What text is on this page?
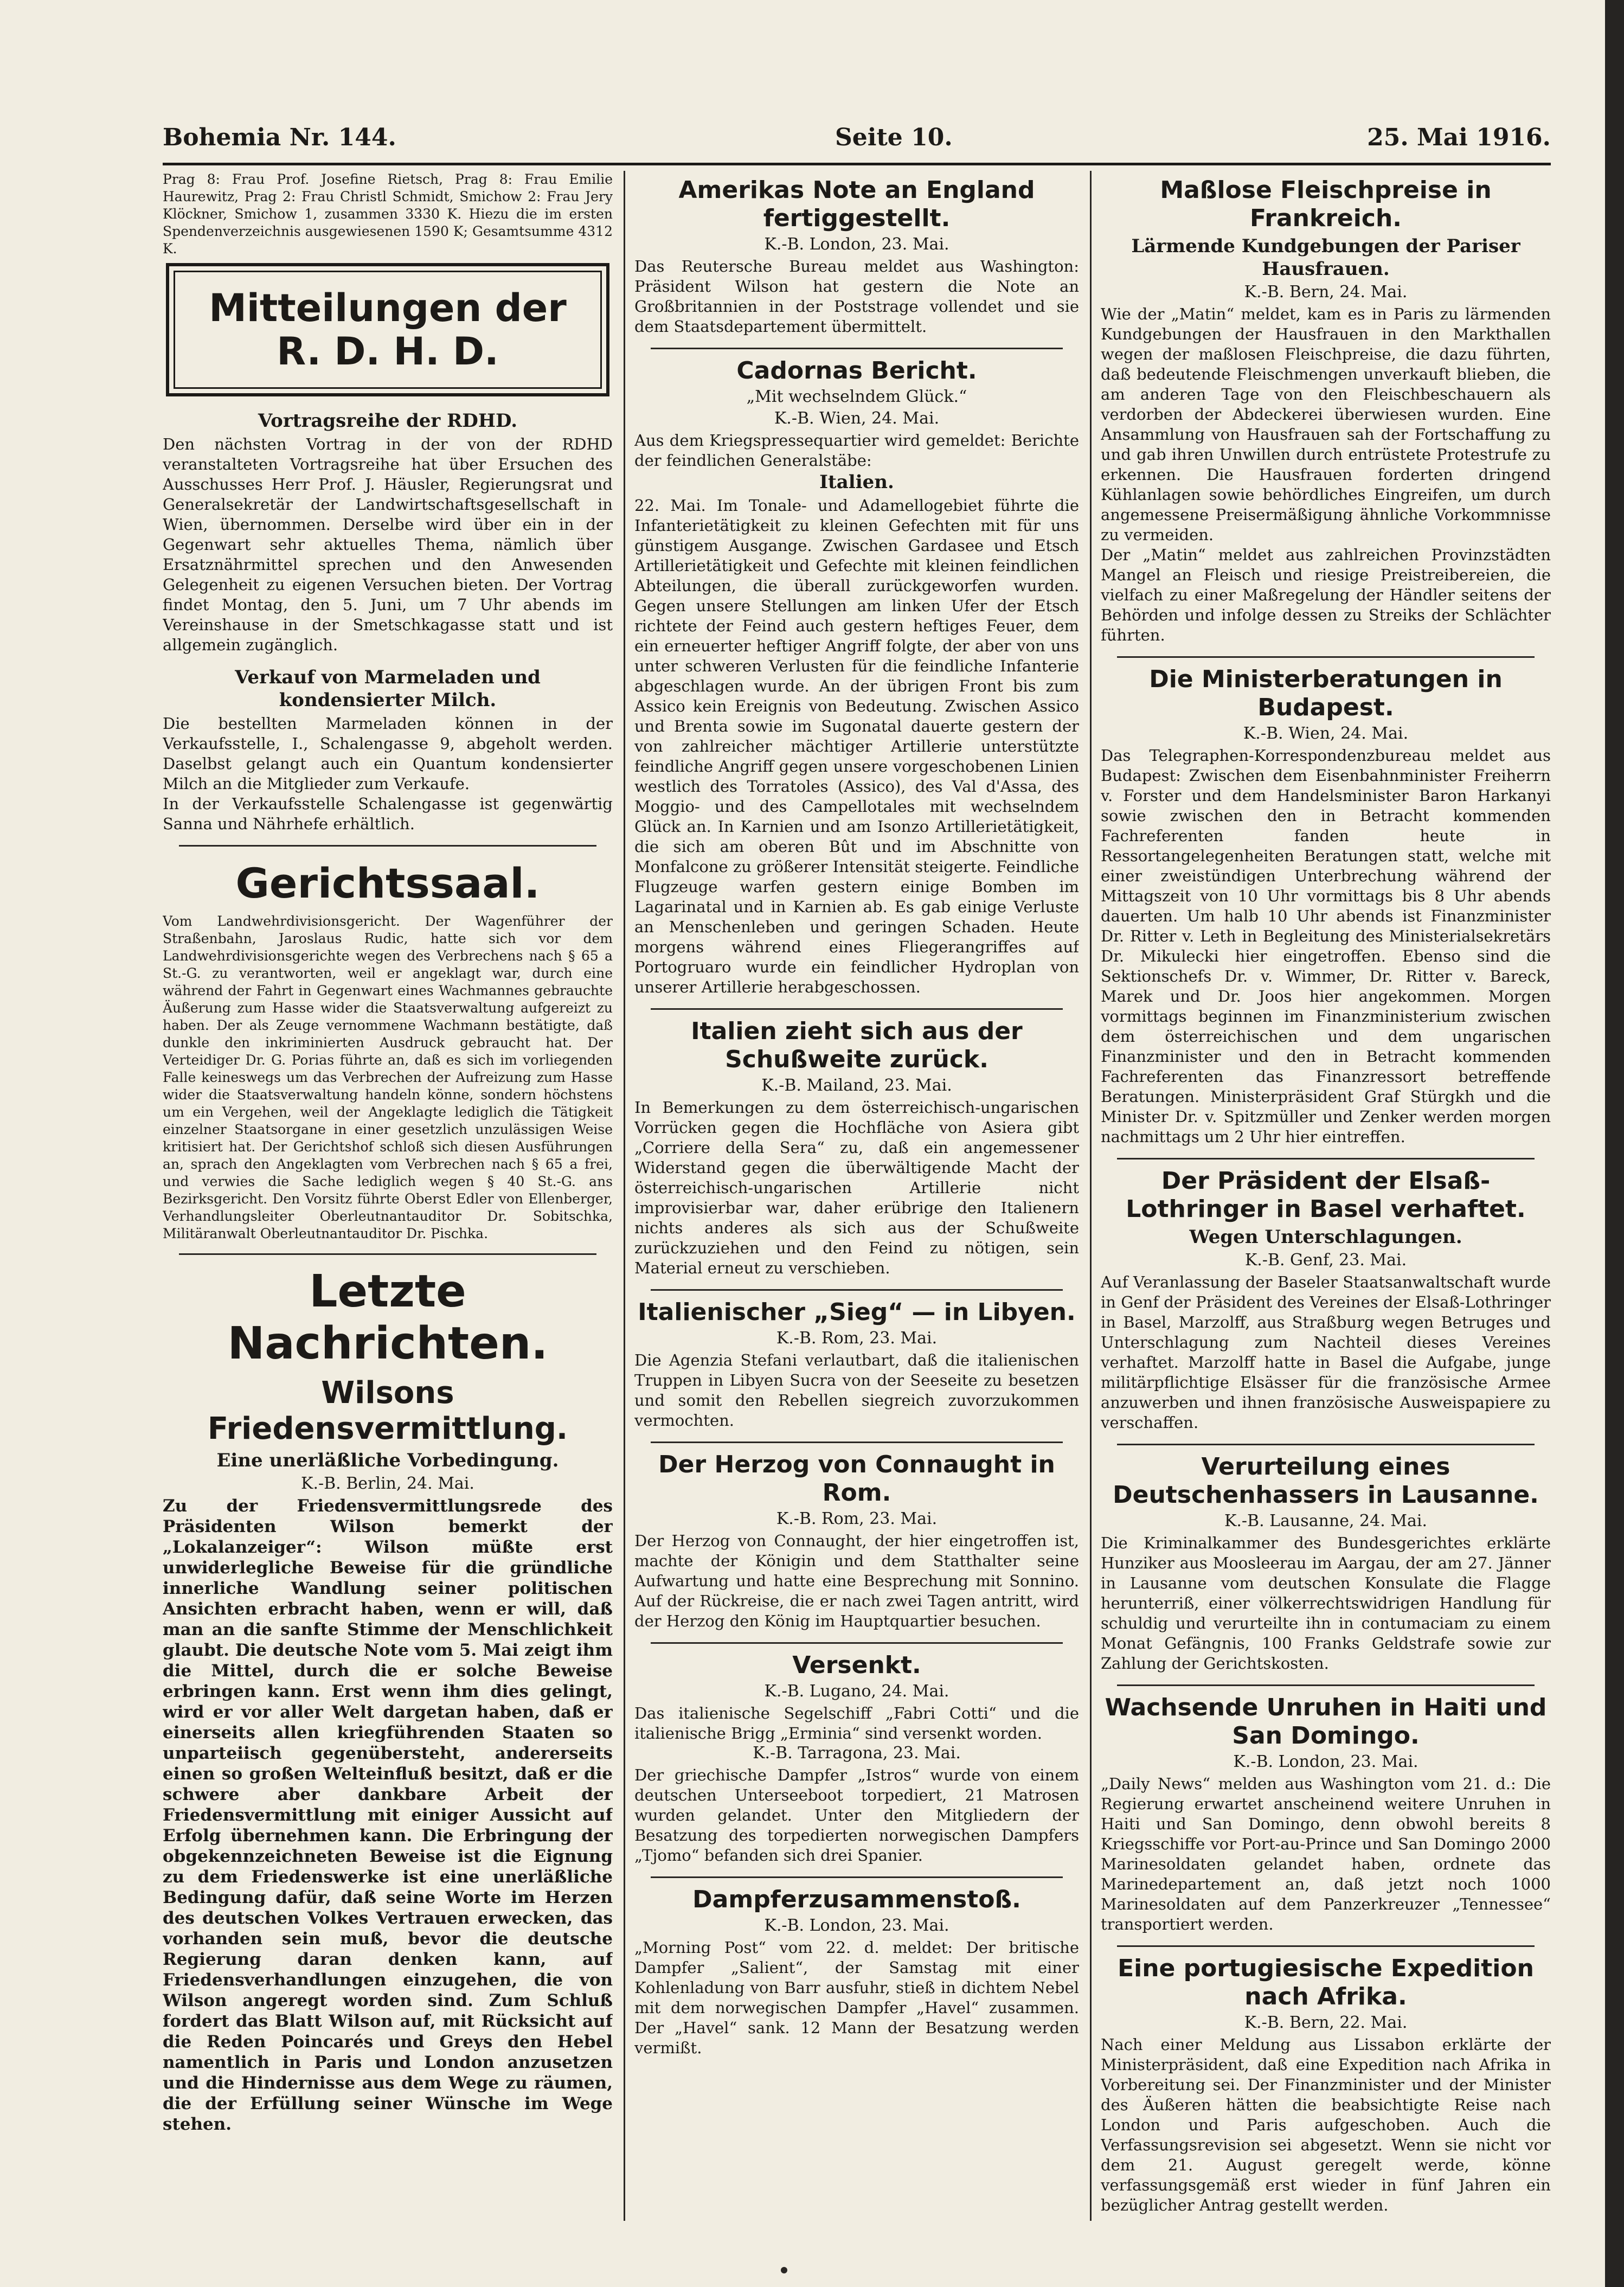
Bohemia Nr. 144.	Seite 10.	25. Mai 1916.

Prag 8: Frau Prof. Josefine Rietsch, Prag 8: Frau Emilie Haurewitz, Prag 2: Frau Christl Schmidt, Smichow 2: Frau Jery Klöckner, Smichow 1, zusammen 3330 K. Hiezu die im ersten Spendenverzeichnis ausgewiesenen 1590 K; Gesamtsumme 4312 K.

Mitteilungen der R. D. H. D.
Vortragsreihe der RDHD.

Den nächsten Vortrag in der von der RDHD veranstalteten Vortragsreihe hat über Ersuchen des Ausschusses Herr Prof. J. Häusler, Regierungsrat und Generalsekretär der Landwirtschaftsgesellschaft in Wien, übernommen. Derselbe wird über ein in der Gegenwart sehr aktuelles Thema, nämlich über Ersatznährmittel sprechen und den Anwesenden Gelegenheit zu eigenen Versuchen bieten. Der Vortrag findet Montag, den 5. Juni, um 7 Uhr abends im Vereinshause in der Smetschkagasse statt und ist allgemein zugänglich.

Verkauf von Marmeladen und kondensierter Milch.

Die bestellten Marmeladen können in der Verkaufsstelle, I., Schalengasse 9, abgeholt werden. Daselbst gelangt auch ein Quantum kondensierter Milch an die Mitglieder zum Verkaufe.

In der Verkaufsstelle Schalengasse ist gegenwärtig Sanna und Nährhefe erhältlich.

Gerichtssaal.

Vom Landwehrdivisionsgericht. Der Wagenführer der Straßenbahn, Jaroslaus Rudic, hatte sich vor dem Landwehrdivisionsgerichte wegen des Verbrechens nach § 65 a St.-G. zu verantworten, weil er angeklagt war, durch eine während der Fahrt in Gegenwart eines Wachmannes gebrauchte Äußerung zum Hasse wider die Staatsverwaltung aufgereizt zu haben. Der als Zeuge vernommene Wachmann bestätigte, daß dunkle den inkriminierten Ausdruck gebraucht hat. Der Verteidiger Dr. G. Porias führte an, daß es sich im vorliegenden Falle keineswegs um das Verbrechen der Aufreizung zum Hasse wider die Staatsverwaltung handeln könne, sondern höchstens um ein Vergehen, weil der Angeklagte lediglich die Tätigkeit einzelner Staatsorgane in einer gesetzlich unzulässigen Weise kritisiert hat. Der Gerichtshof schloß sich diesen Ausführungen an, sprach den Angeklagten vom Verbrechen nach § 65 a frei, und verwies die Sache lediglich wegen § 40 St.-G. ans Bezirksgericht. Den Vorsitz führte Oberst Edler von Ellenberger, Verhandlungsleiter Oberleutnantauditor Dr. Sobitschka, Militäranwalt Oberleutnantauditor Dr. Pischka.

Letzte Nachrichten.
Wilsons Friedensvermittlung.
Eine unerläßliche Vorbedingung.
K.-B. Berlin, 24. Mai.

Zu der Friedensvermittlungsrede des Präsidenten Wilson bemerkt der „Lokalanzeiger“: Wilson müßte erst unwiderlegliche Beweise für die gründliche innerliche Wandlung seiner politischen Ansichten erbracht haben, wenn er will, daß man an die sanfte Stimme der Menschlichkeit glaubt. Die deutsche Note vom 5. Mai zeigt ihm die Mittel, durch die er solche Beweise erbringen kann. Erst wenn ihm dies gelingt, wird er vor aller Welt dargetan haben, daß er einerseits allen kriegführenden Staaten so unparteiisch gegenübersteht, andererseits einen so großen Welteinfluß besitzt, daß er die schwere aber dankbare Arbeit der Friedensvermittlung mit einiger Aussicht auf Erfolg übernehmen kann. Die Erbringung der obgekennzeichneten Beweise ist die Eignung zu dem Friedenswerke ist eine unerläßliche Bedingung dafür, daß seine Worte im Herzen des deutschen Volkes Vertrauen erwecken, das vorhanden sein muß, bevor die deutsche Regierung daran denken kann, auf Friedensverhandlungen einzugehen, die von Wilson angeregt worden sind. Zum Schluß fordert das Blatt Wilson auf, mit Rücksicht auf die Reden Poincarés und Greys den Hebel namentlich in Paris und London anzusetzen und die Hindernisse aus dem Wege zu räumen, die der Erfüllung seiner Wünsche im Wege stehen.

Amerikas Note an England fertiggestellt.
K.-B. London, 23. Mai.

Das Reutersche Bureau meldet aus Washington: Präsident Wilson hat gestern die Note an Großbritannien in der Poststrage vollendet und sie dem Staatsdepartement übermittelt.

Cadornas Bericht.
„Mit wechselndem Glück.“
K.-B. Wien, 24. Mai.

Aus dem Kriegspressequartier wird gemeldet: Berichte der feindlichen Generalstäbe:

Italien.

22. Mai. Im Tonale- und Adamellogebiet führte die Infanterietätigkeit zu kleinen Gefechten mit für uns günstigem Ausgange. Zwischen Gardasee und Etsch Artillerietätigkeit und Gefechte mit kleinen feindlichen Abteilungen, die überall zurückgeworfen wurden. Gegen unsere Stellungen am linken Ufer der Etsch richtete der Feind auch gestern heftiges Feuer, dem ein erneuerter heftiger Angriff folgte, der aber von uns unter schweren Verlusten für die feindliche Infanterie abgeschlagen wurde. An der übrigen Front bis zum Assico kein Ereignis von Bedeutung. Zwischen Assico und Brenta sowie im Sugonatal dauerte gestern der von zahlreicher mächtiger Artillerie unterstützte feindliche Angriff gegen unsere vorgeschobenen Linien westlich des Torratoles (Assico), des Val d'Assa, des Moggio- und des Campellotales mit wechselndem Glück an. In Karnien und am Isonzo Artillerietätigkeit, die sich am oberen Bût und im Abschnitte von Monfalcone zu größerer Intensität steigerte. Feindliche Flugzeuge warfen gestern einige Bomben im Lagarinatal und in Karnien ab. Es gab einige Verluste an Menschenleben und geringen Schaden. Heute morgens während eines Fliegerangriffes auf Portogruaro wurde ein feindlicher Hydroplan von unserer Artillerie herabgeschossen.

Italien zieht sich aus der Schußweite zurück.
K.-B. Mailand, 23. Mai.

In Bemerkungen zu dem österreichisch-ungarischen Vorrücken gegen die Hochfläche von Asiera gibt „Corriere della Sera“ zu, daß ein angemessener Widerstand gegen die überwältigende Macht der österreichisch-ungarischen Artillerie nicht improvisierbar war, daher erübrige den Italienern nichts anderes als sich aus der Schußweite zurückzuziehen und den Feind zu nötigen, sein Material erneut zu verschieben.

Italienischer „Sieg“ — in Libyen.
K.-B. Rom, 23. Mai.

Die Agenzia Stefani verlautbart, daß die italienischen Truppen in Libyen Sucra von der Seeseite zu besetzen und somit den Rebellen siegreich zuvorzukommen vermochten.

Der Herzog von Connaught in Rom.
K.-B. Rom, 23. Mai.

Der Herzog von Connaught, der hier eingetroffen ist, machte der Königin und dem Statthalter seine Aufwartung und hatte eine Besprechung mit Sonnino. Auf der Rückreise, die er nach zwei Tagen antritt, wird der Herzog den König im Hauptquartier besuchen.

Versenkt.
K.-B. Lugano, 24. Mai.

Das italienische Segelschiff „Fabri Cotti“ und die italienische Brigg „Erminia“ sind versenkt worden.

K.-B. Tarragona, 23. Mai.

Der griechische Dampfer „Istros“ wurde von einem deutschen Unterseeboot torpediert, 21 Matrosen wurden gelandet. Unter den Mitgliedern der Besatzung des torpedierten norwegischen Dampfers „Tjomo“ befanden sich drei Spanier.

Dampferzusammenstoß.
K.-B. London, 23. Mai.

„Morning Post“ vom 22. d. meldet: Der britische Dampfer „Salient“, der Samstag mit einer Kohlenladung von Barr ausfuhr, stieß in dichtem Nebel mit dem norwegischen Dampfer „Havel“ zusammen. Der „Havel“ sank. 12 Mann der Besatzung werden vermißt.

Maßlose Fleischpreise in Frankreich.
Lärmende Kundgebungen der Pariser Hausfrauen.
K.-B. Bern, 24. Mai.

Wie der „Matin“ meldet, kam es in Paris zu lärmenden Kundgebungen der Hausfrauen in den Markthallen wegen der maßlosen Fleischpreise, die dazu führten, daß bedeutende Fleischmengen unverkauft blieben, die am anderen Tage von den Fleischbeschauern als verdorben der Abdeckerei überwiesen wurden. Eine Ansammlung von Hausfrauen sah der Fortschaffung zu und gab ihren Unwillen durch entrüstete Protestrufe zu erkennen. Die Hausfrauen forderten dringend Kühlanlagen sowie behördliches Eingreifen, um durch angemessene Preisermäßigung ähnliche Vorkommnisse zu vermeiden.

Der „Matin“ meldet aus zahlreichen Provinzstädten Mangel an Fleisch und riesige Preistreibereien, die vielfach zu einer Maßregelung der Händler seitens der Behörden und infolge dessen zu Streiks der Schlächter führten.

Die Ministerberatungen in Budapest.
K.-B. Wien, 24. Mai.

Das Telegraphen-Korrespondenzbureau meldet aus Budapest: Zwischen dem Eisenbahnminister Freiherrn v. Forster und dem Handelsminister Baron Harkanyi sowie zwischen den in Betracht kommenden Fachreferenten fanden heute in Ressortangelegenheiten Beratungen statt, welche mit einer zweistündigen Unterbrechung während der Mittagszeit von 10 Uhr vormittags bis 8 Uhr abends dauerten. Um halb 10 Uhr abends ist Finanzminister Dr. Ritter v. Leth in Begleitung des Ministerialsekretärs Dr. Mikulecki hier eingetroffen. Ebenso sind die Sektionschefs Dr. v. Wimmer, Dr. Ritter v. Bareck, Marek und Dr. Joos hier angekommen. Morgen vormittags beginnen im Finanzministerium zwischen dem österreichischen und dem ungarischen Finanzminister und den in Betracht kommenden Fachreferenten das Finanzressort betreffende Beratungen. Ministerpräsident Graf Stürgkh und die Minister Dr. v. Spitzmüller und Zenker werden morgen nachmittags um 2 Uhr hier eintreffen.

Der Präsident der Elsaß-Lothringer in Basel verhaftet.
Wegen Unterschlagungen.
K.-B. Genf, 23. Mai.

Auf Veranlassung der Baseler Staatsanwaltschaft wurde in Genf der Präsident des Vereines der Elsaß-Lothringer in Basel, Marzolff, aus Straßburg wegen Betruges und Unterschlagung zum Nachteil dieses Vereines verhaftet. Marzolff hatte in Basel die Aufgabe, junge militärpflichtige Elsässer für die französische Armee anzuwerben und ihnen französische Ausweispapiere zu verschaffen.

Verurteilung eines Deutschenhassers in Lausanne.
K.-B. Lausanne, 24. Mai.

Die Kriminalkammer des Bundesgerichtes erklärte Hunziker aus Moosleerau im Aargau, der am 27. Jänner in Lausanne vom deutschen Konsulate die Flagge herunterriß, einer völkerrechtswidrigen Handlung für schuldig und verurteilte ihn in contumaciam zu einem Monat Gefängnis, 100 Franks Geldstrafe sowie zur Zahlung der Gerichtskosten.

Wachsende Unruhen in Haiti und San Domingo.
K.-B. London, 23. Mai.

„Daily News“ melden aus Washington vom 21. d.: Die Regierung erwartet anscheinend weitere Unruhen in Haiti und San Domingo, denn obwohl bereits 8 Kriegsschiffe vor Port-au-Prince und San Domingo 2000 Marinesoldaten gelandet haben, ordnete das Marinedepartement an, daß jetzt noch 1000 Marinesoldaten auf dem Panzerkreuzer „Tennessee“ transportiert werden.

Eine portugiesische Expedition nach Afrika.
K.-B. Bern, 22. Mai.

Nach einer Meldung aus Lissabon erklärte der Ministerpräsident, daß eine Expedition nach Afrika in Vorbereitung sei. Der Finanzminister und der Minister des Äußeren hätten die beabsichtigte Reise nach London und Paris aufgeschoben. Auch die Verfassungsrevision sei abgesetzt. Wenn sie nicht vor dem 21. August geregelt werde, könne verfassungsgemäß erst wieder in fünf Jahren ein bezüglicher Antrag gestellt werden.
